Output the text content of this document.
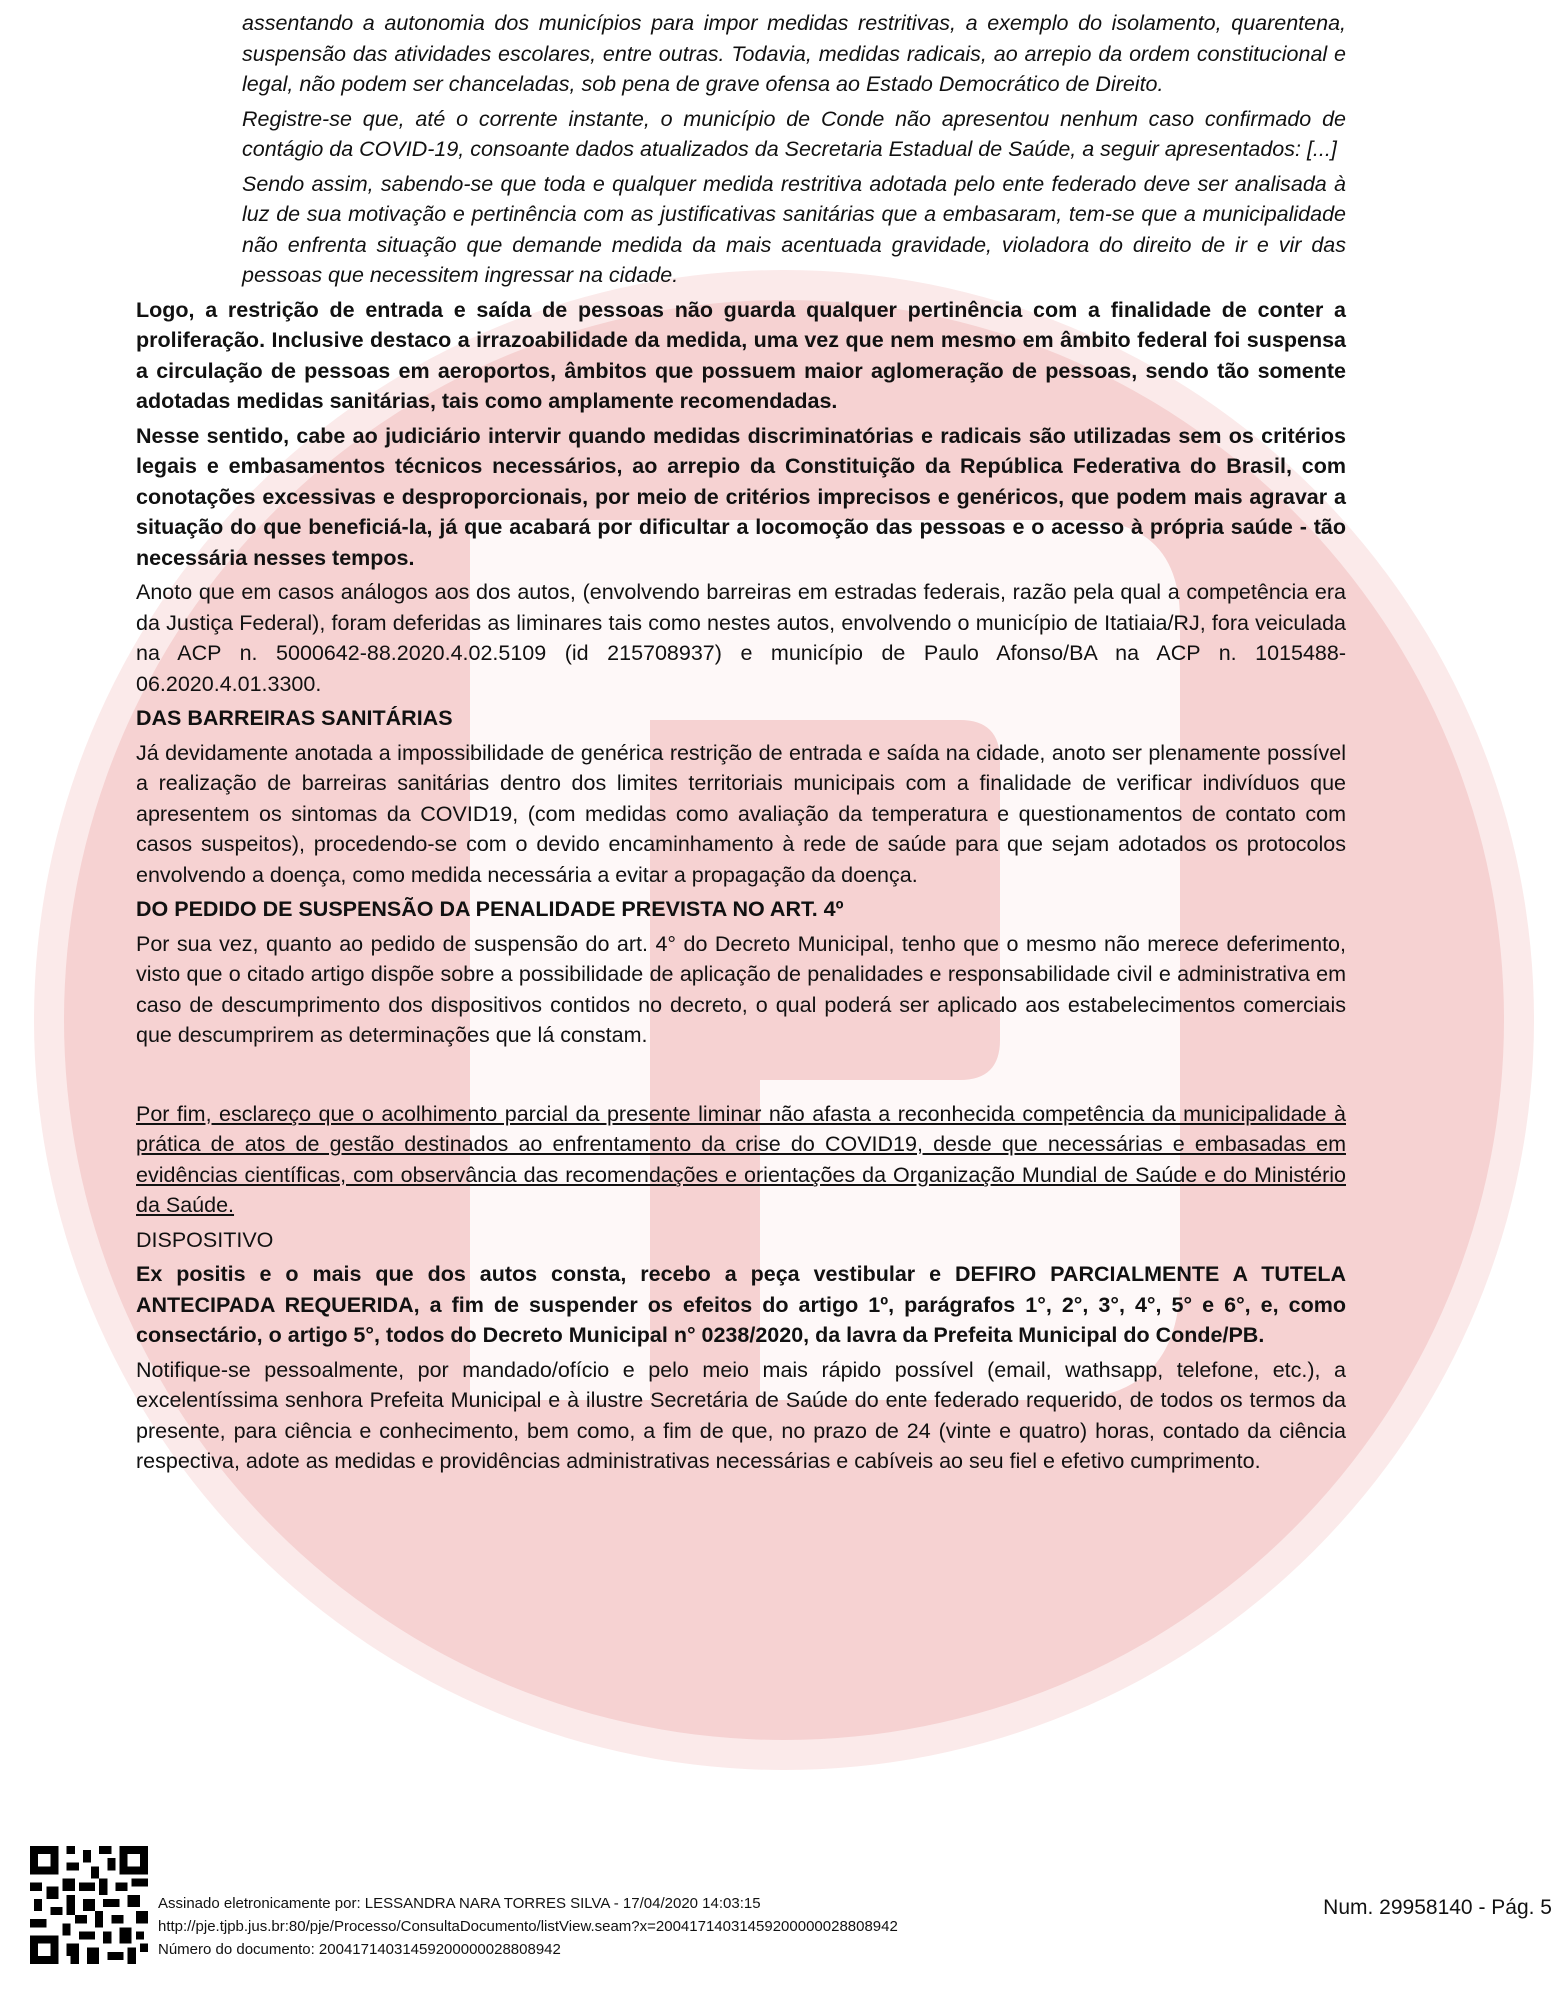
assentando a autonomia dos municípios para impor medidas restritivas, a exemplo do isolamento, quarentena, suspensão das atividades escolares, entre outras. Todavia, medidas radicais, ao arrepio da ordem constitucional e legal, não podem ser chanceladas, sob pena de grave ofensa ao Estado Democrático de Direito.

Registre-se que, até o corrente instante, o município de Conde não apresentou nenhum caso confirmado de contágio da COVID-19, consoante dados atualizados da Secretaria Estadual de Saúde, a seguir apresentados: [...]

Sendo assim, sabendo-se que toda e qualquer medida restritiva adotada pelo ente federado deve ser analisada à luz de sua motivação e pertinência com as justificativas sanitárias que a embasaram, tem-se que a municipalidade não enfrenta situação que demande medida da mais acentuada gravidade, violadora do direito de ir e vir das pessoas que necessitem ingressar na cidade.

Logo, a restrição de entrada e saída de pessoas não guarda qualquer pertinência com a finalidade de conter a proliferação. Inclusive destaco a irrazoabilidade da medida, uma vez que nem mesmo em âmbito federal foi suspensa a circulação de pessoas em aeroportos, âmbitos que possuem maior aglomeração de pessoas, sendo tão somente adotadas medidas sanitárias, tais como amplamente recomendadas.

Nesse sentido, cabe ao judiciário intervir quando medidas discriminatórias e radicais são utilizadas sem os critérios legais e embasamentos técnicos necessários, ao arrepio da Constituição da República Federativa do Brasil, com conotações excessivas e desproporcionais, por meio de critérios imprecisos e genéricos, que podem mais agravar a situação do que beneficiá-la, já que acabará por dificultar a locomoção das pessoas e o acesso à própria saúde - tão necessária nesses tempos.

Anoto que em casos análogos aos dos autos, (envolvendo barreiras em estradas federais, razão pela qual a competência era da Justiça Federal), foram deferidas as liminares tais como nestes autos, envolvendo o município de Itatiaia/RJ, fora veiculada na ACP n. 5000642-88.2020.4.02.5109 (id 215708937) e município de Paulo Afonso/BA na ACP n. 1015488-06.2020.4.01.3300.

DAS BARREIRAS SANITÁRIAS

Já devidamente anotada a impossibilidade de genérica restrição de entrada e saída na cidade, anoto ser plenamente possível a realização de barreiras sanitárias dentro dos limites territoriais municipais com a finalidade de verificar indivíduos que apresentem os sintomas da COVID19, (com medidas como avaliação da temperatura e questionamentos de contato com casos suspeitos), procedendo-se com o devido encaminhamento à rede de saúde para que sejam adotados os protocolos envolvendo a doença, como medida necessária a evitar a propagação da doença.

DO PEDIDO DE SUSPENSÃO DA PENALIDADE PREVISTA NO ART. 4º

Por sua vez, quanto ao pedido de suspensão do art. 4° do Decreto Municipal, tenho que o mesmo não merece deferimento, visto que o citado artigo dispõe sobre a possibilidade de aplicação de penalidades e responsabilidade civil e administrativa em caso de descumprimento dos dispositivos contidos no decreto, o qual poderá ser aplicado aos estabelecimentos comerciais que descumprirem as determinações que lá constam.

Por fim, esclareço que o acolhimento parcial da presente liminar não afasta a reconhecida competência da municipalidade à prática de atos de gestão destinados ao enfrentamento da crise do COVID19, desde que necessárias e embasadas em evidências científicas, com observância das recomendações e orientações da Organização Mundial de Saúde e do Ministério da Saúde.

DISPOSITIVO

Ex positis e o mais que dos autos consta, recebo a peça vestibular e DEFIRO PARCIALMENTE A TUTELA ANTECIPADA REQUERIDA, a fim de suspender os efeitos do artigo 1º, parágrafos 1°, 2°, 3°, 4°, 5° e 6°, e, como consectário, o artigo 5°, todos do Decreto Municipal n° 0238/2020, da lavra da Prefeita Municipal do Conde/PB.

Notifique-se pessoalmente, por mandado/ofício e pelo meio mais rápido possível (email, wathsapp, telefone, etc.), a excelentíssima senhora Prefeita Municipal e à ilustre Secretária de Saúde do ente federado requerido, de todos os termos da presente, para ciência e conhecimento, bem como, a fim de que, no prazo de 24 (vinte e quatro) horas, contado da ciência respectiva, adote as medidas e providências administrativas necessárias e cabíveis ao seu fiel e efetivo cumprimento.

Assinado eletronicamente por: LESSANDRA NARA TORRES SILVA - 17/04/2020 14:03:15
http://pje.tjpb.jus.br:80/pje/Processo/ConsultaDocumento/listView.seam?x=20041714031459200000028808942
Número do documento: 20041714031459200000028808942
Num. 29958140 - Pág. 5
